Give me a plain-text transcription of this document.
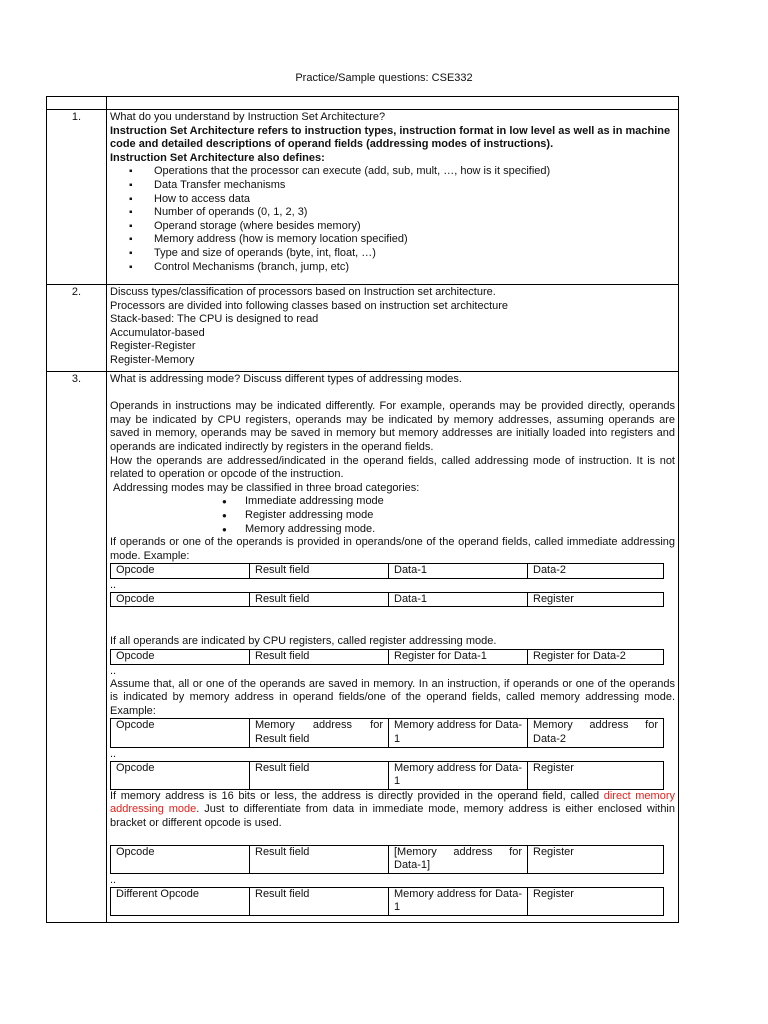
Practice/Sample questions: CSE332

1.	What do you understand by Instruction Set Architecture?
Instruction Set Architecture refers to instruction types, instruction format in low level as well as in machine code and detailed descriptions of operand fields (addressing modes of instructions).
Instruction Set Architecture also defines:
▪ Operations that the processor can execute (add, sub, mult, …, how is it specified)
▪ Data Transfer mechanisms
▪ How to access data
▪ Number of operands (0, 1, 2, 3)
▪ Operand storage (where besides memory)
▪ Memory address (how is memory location specified)
▪ Type and size of operands (byte, int, float, …)
▪ Control Mechanisms (branch, jump, etc)

2.	Discuss types/classification of processors based on Instruction set architecture.
Processors are divided into following classes based on instruction set architecture
Stack-based: The CPU is designed to read
Accumulator-based
Register-Register
Register-Memory

3.	What is addressing mode? Discuss different types of addressing modes.
Operands in instructions may be indicated differently. For example, operands may be provided directly, operands may be indicated by CPU registers, operands may be indicated by memory addresses, assuming operands are saved in memory, operands may be saved in memory but memory addresses are initially loaded into registers and operands are indicated indirectly by registers in the operand fields.
How the operands are addressed/indicated in the operand fields, called addressing mode of instruction. It is not related to operation or opcode of the instruction.
Addressing modes may be classified in three broad categories:
● Immediate addressing mode
● Register addressing mode
● Memory addressing mode.
If operands or one of the operands is provided in operands/one of the operand fields, called immediate addressing mode. Example:
Opcode	Result field	Data-1	Data-2
..
Opcode	Result field	Data-1	Register
If all operands are indicated by CPU registers, called register addressing mode.
Opcode	Result field	Register for Data-1	Register for Data-2
..
Assume that, all or one of the operands are saved in memory. In an instruction, if operands or one of the operands is indicated by memory address in operand fields/one of the operand fields, called memory addressing mode. Example:
Opcode	Memory address for Result field	Memory address for Data-1	Memory address for Data-2
..
Opcode	Result field	Memory address for Data-1	Register
If memory address is 16 bits or less, the address is directly provided in the operand field, called direct memory addressing mode. Just to differentiate from data in immediate mode, memory address is either enclosed within bracket or different opcode is used.
Opcode	Result field	[Memory address for Data-1]	Register
..
Different Opcode	Result field	Memory address for Data-1	Register
